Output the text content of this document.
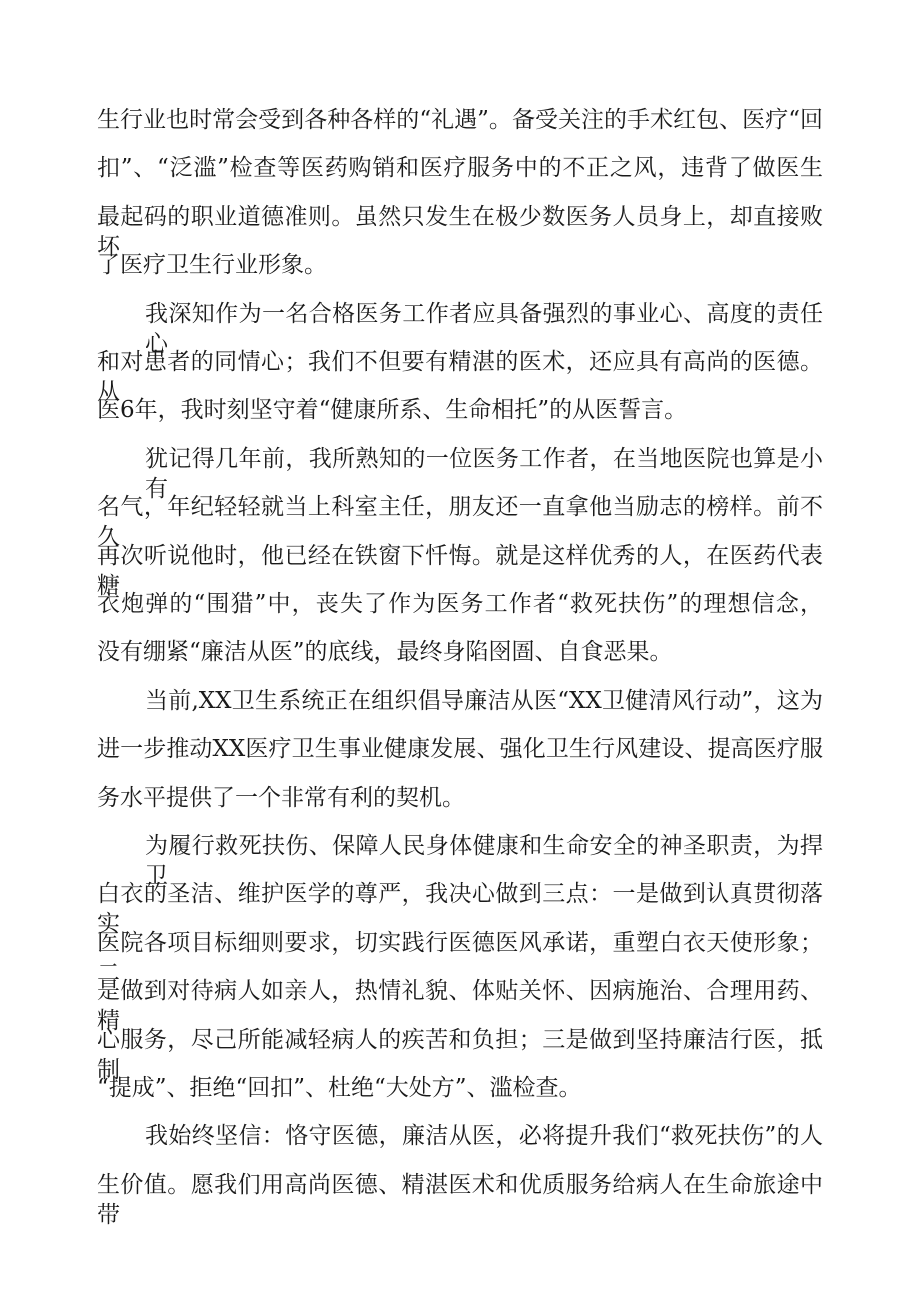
生行业也时常会受到各种各样的“礼遇”。备受关注的手术红包、医疗“回
扣”、“泛滥”检查等医药购销和医疗服务中的不正之风，违背了做医生
最起码的职业道德准则。虽然只发生在极少数医务人员身上，却直接败坏
了医疗卫生行业形象。
我深知作为一名合格医务工作者应具备强烈的事业心、高度的责任心
和对患者的同情心；我们不但要有精湛的医术，还应具有高尚的医德。从
医6年，我时刻坚守着“健康所系、生命相托”的从医誓言。
犹记得几年前，我所熟知的一位医务工作者，在当地医院也算是小有
名气，年纪轻轻就当上科室主任，朋友还一直拿他当励志的榜样。前不久
再次听说他时，他已经在铁窗下忏悔。就是这样优秀的人，在医药代表糖
衣炮弹的“围猎”中，丧失了作为医务工作者“救死扶伤”的理想信念，
没有绷紧“廉洁从医”的底线，最终身陷囹圄、自食恶果。
当前,XX卫生系统正在组织倡导廉洁从医“XX卫健清风行动”，这为
进一步推动XX医疗卫生事业健康发展、强化卫生行风建设、提高医疗服
务水平提供了一个非常有利的契机。
为履行救死扶伤、保障人民身体健康和生命安全的神圣职责，为捍卫
白衣的圣洁、维护医学的尊严，我决心做到三点：一是做到认真贯彻落实
医院各项目标细则要求，切实践行医德医风承诺，重塑白衣天使形象；二
是做到对待病人如亲人，热情礼貌、体贴关怀、因病施治、合理用药、精
心服务，尽己所能减轻病人的疾苦和负担；三是做到坚持廉洁行医，抵制
“提成”、拒绝“回扣”、杜绝“大处方”、滥检查。
我始终坚信：恪守医德，廉洁从医，必将提升我们“救死扶伤”的人
生价值。愿我们用高尚医德、精湛医术和优质服务给病人在生命旅途中带
